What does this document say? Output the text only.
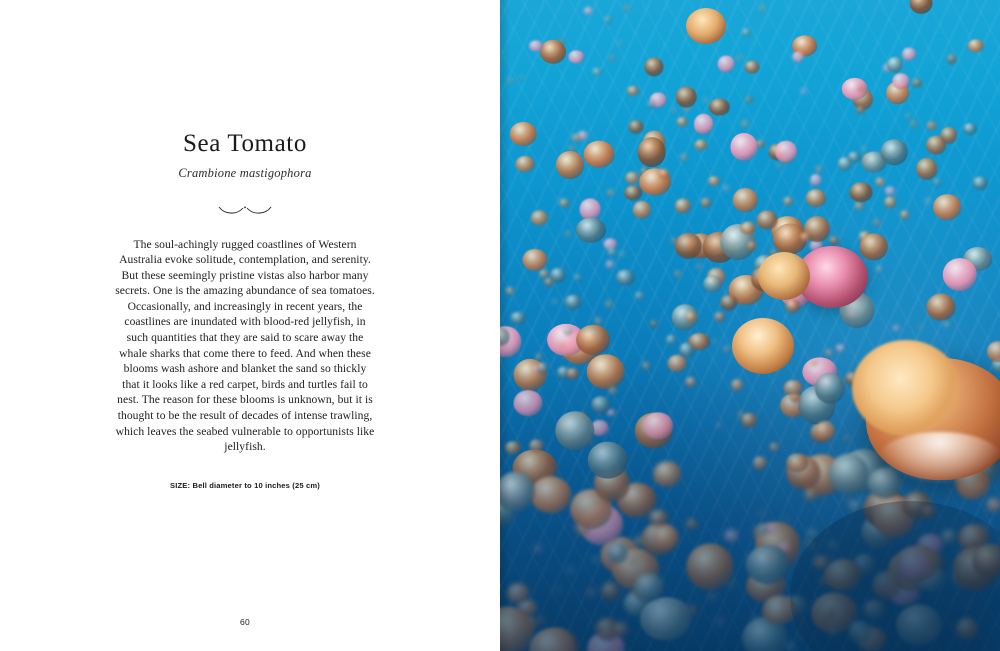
Sea Tomato

Crambione mastigophora

The soul-achingly rugged coastlines of Western Australia evoke solitude, contemplation, and serenity. But these seemingly pristine vistas also harbor many secrets. One is the amazing abundance of sea tomatoes. Occasionally, and increasingly in recent years, the coastlines are inundated with blood-red jellyfish, in such quantities that they are said to scare away the whale sharks that come there to feed. And when these blooms wash ashore and blanket the sand so thickly that it looks like a red carpet, birds and turtles fail to nest. The reason for these blooms is unknown, but it is thought to be the result of decades of intense trawling, which leaves the seabed vulnerable to opportunists like jellyfish.

SIZE: Bell diameter to 10 inches (25 cm)
60
